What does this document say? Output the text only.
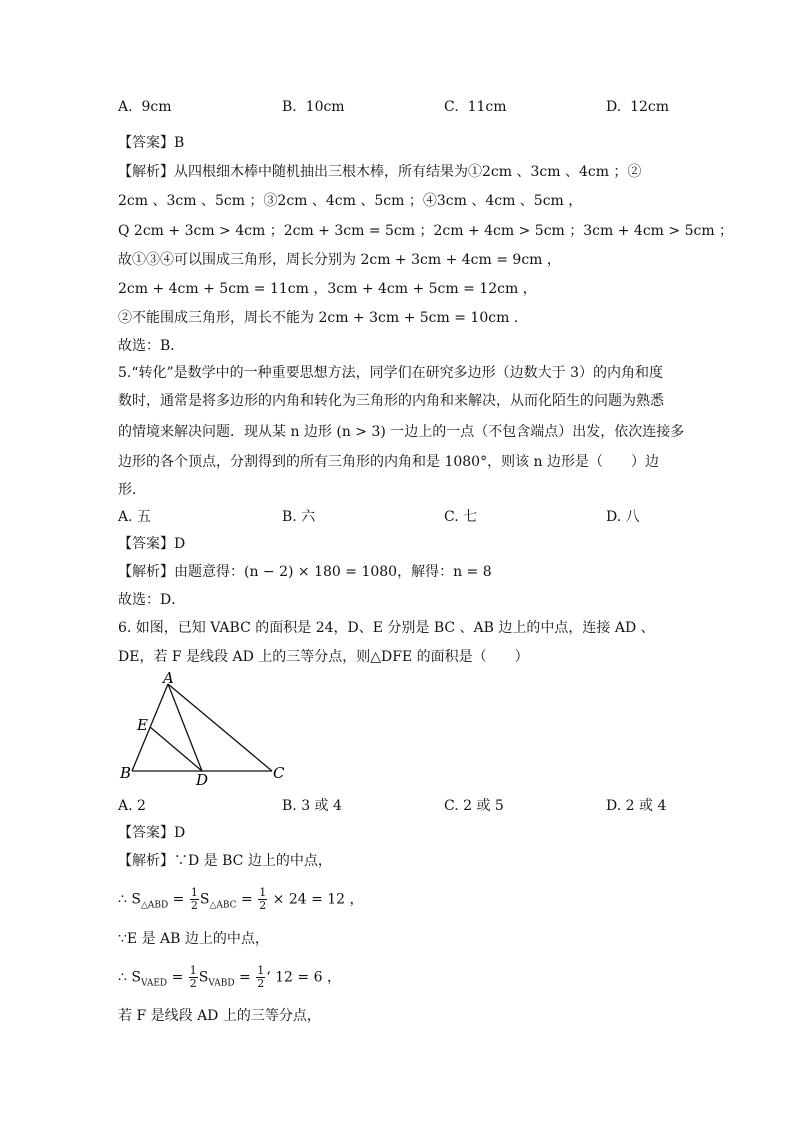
A. 9cm	B. 10cm	C. 11cm	D. 12cm
【答案】B
【解析】从四根细木棒中随机抽出三根木棒，所有结果为①2cm 、3cm 、4cm ；②
2cm 、3cm 、5cm ；③2cm 、4cm 、5cm ；④3cm 、4cm 、5cm ，
Q 2cm + 3cm > 4cm ；2cm + 3cm = 5cm ；2cm + 4cm > 5cm ；3cm + 4cm > 5cm ；
故①③④可以围成三角形，周长分别为 2cm + 3cm + 4cm = 9cm ，
2cm + 4cm + 5cm = 11cm ，3cm + 4cm + 5cm = 12cm ，
②不能围成三角形，周长不能为 2cm + 3cm + 5cm = 10cm .
故选：B．
5.“转化”是数学中的一种重要思想方法，同学们在研究多边形（边数大于 3）的内角和度
数时，通常是将多边形的内角和转化为三角形的内角和来解决，从而化陌生的问题为熟悉
的情境来解决问题．现从某 n 边形 (n > 3) 一边上的一点（不包含端点）出发，依次连接多
边形的各个顶点，分割得到的所有三角形的内角和是 1080°，则该 n 边形是（　　）边
形．
A. 五	B. 六	C. 七	D. 八
【答案】D
【解析】由题意得：(n − 2) × 180 = 1080，解得：n = 8
故选：D．
6. 如图，已知 VABC 的面积是 24，D、E 分别是 BC 、AB 边上的中点，连接 AD 、
DE，若 F 是线段 AD 上的三等分点，则△DFE 的面积是（　　）
A
B	C
D
E
A. 2	B. 3 或 4	C. 2 或 5	D. 2 或 4
【答案】D
【解析】∵D 是 BC 边上的中点，
∴ $S_{\triangle ABD} = \frac{1}{2} S_{\triangle ABC} = \frac{1}{2} \times 24 = 12$ ，
∵E 是 AB 边上的中点，
∴ $S_{VAED} = \frac{1}{2} S_{VABD} = \frac{1}{2}$ ‘ 12 = 6 ，
若 F 是线段 AD 上的三等分点，
